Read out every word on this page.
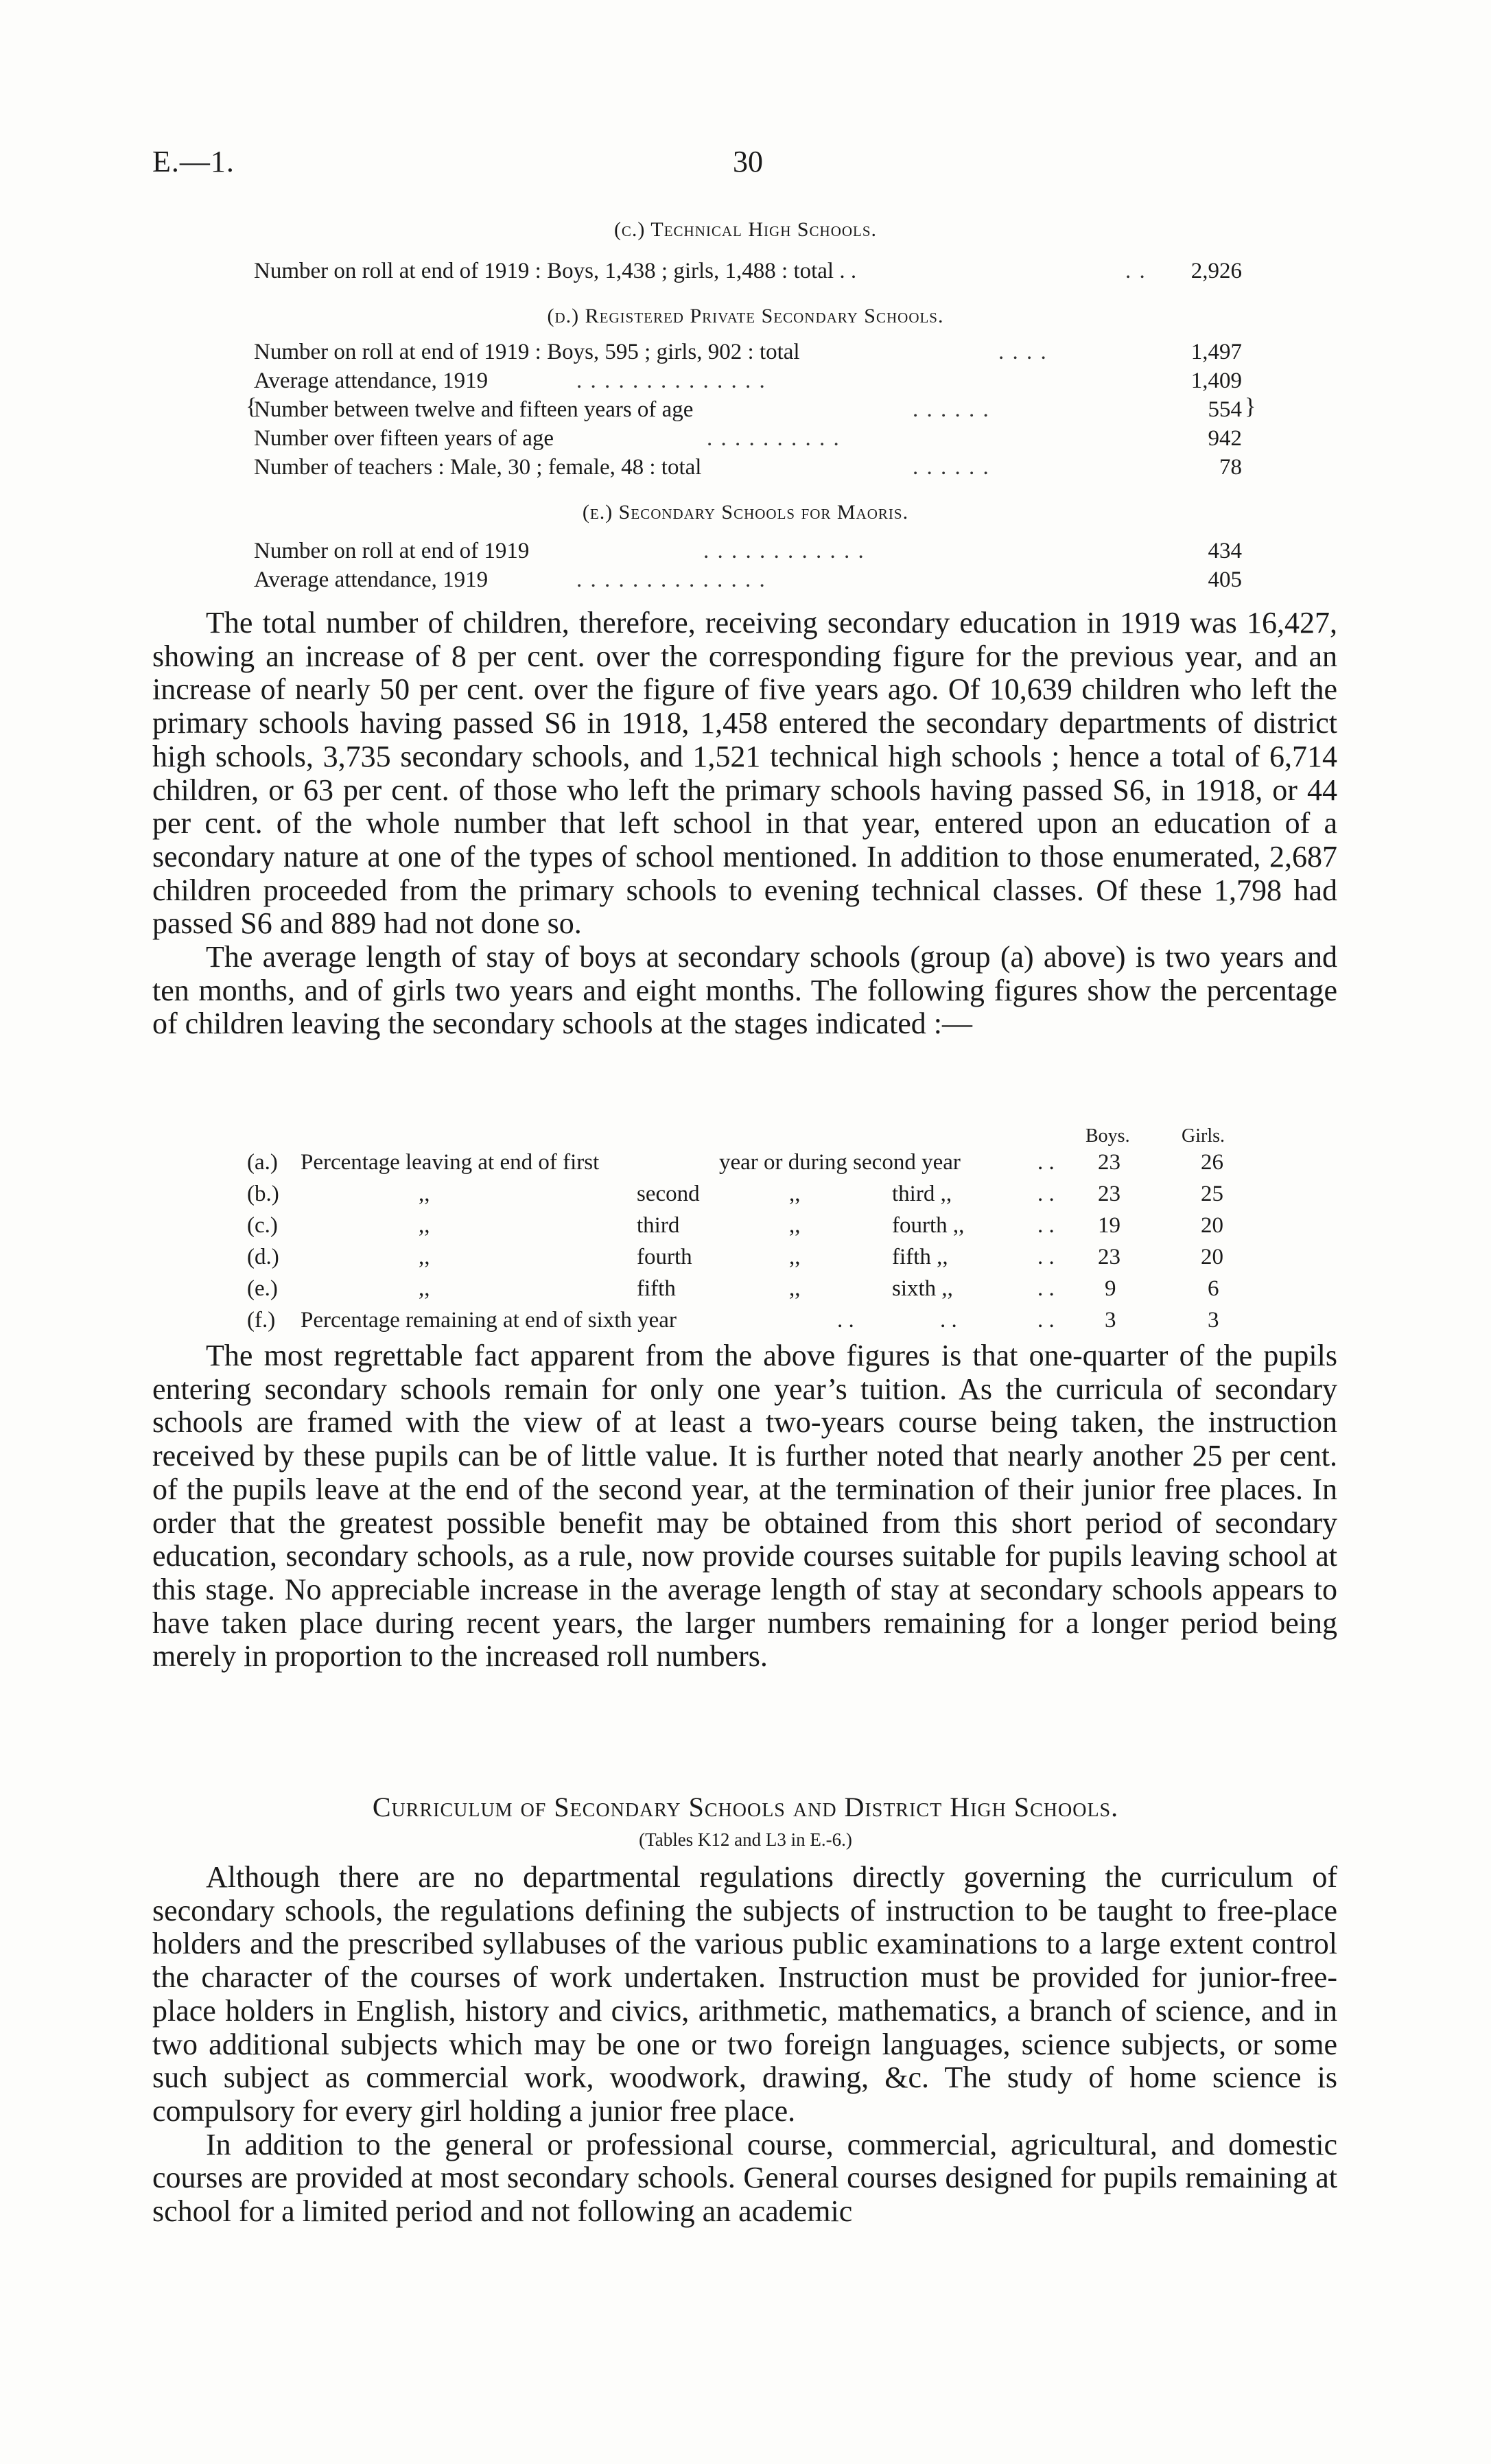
E.—1.	30
(c.) Technical High Schools.
Number on roll at end of 1919 : Boys, 1,438 ; girls, 1,488 : total . .	. . 2,926
(d.) Registered Private Secondary Schools.
Number on roll at end of 1919 : Boys, 595 ; girls, 902 : total	. . . .	1,497
Average attendance, 1919	. . . . . . . . . . . . . .	1,409
{
Number between twelve and fifteen years of age	. . . . . .	554
Number over fifteen years of age	. . . . . . . . . .	942
}
Number of teachers : Male, 30 ; female, 48 : total	. . . . . .	78
(e.) Secondary Schools for Maoris.
Number on roll at end of 1919	. . . . . . . . . . . .	434
Average attendance, 1919	. . . . . . . . . . . . . .	405

The total number of children, therefore, receiving secondary education in 1919 was 16,427, showing an increase of 8 per cent. over the corresponding figure for the previous year, and an increase of nearly 50 per cent. over the figure of five years ago. Of 10,639 children who left the primary schools having passed S6 in 1918, 1,458 entered the secondary departments of district high schools, 3,735 secondary schools, and 1,521 technical high schools ; hence a total of 6,714 children, or 63 per cent. of those who left the primary schools having passed S6, in 1918, or 44 per cent. of the whole number that left school in that year, entered upon an education of a secondary nature at one of the types of school mentioned. In addition to those enumerated, 2,687 children proceeded from the primary schools to evening technical classes. Of these 1,798 had passed S6 and 889 had not done so.

The average length of stay of boys at secondary schools (group (a) above) is two years and ten months, and of girls two years and eight months. The following figures show the percentage of children leaving the secondary schools at the stages indicated :—

Boys.	Girls.
(a.) Percentage leaving at end of first	year or during second year	. . 23	26
(b.)	,,	second	,,	third ,,	. . 23	25
(c.)	,,	third	,,	fourth ,,	. . 19	20
(d.)	,,	fourth	,,	fifth ,,	. . 23	20
(e.)	,,	fifth	,,	sixth ,,	. . 9	6
(f.) Percentage remaining at end of sixth year	. .	. .	. . 3	3

The most regrettable fact apparent from the above figures is that one-quarter of the pupils entering secondary schools remain for only one year’s tuition. As the curricula of secondary schools are framed with the view of at least a two-years course being taken, the instruction received by these pupils can be of little value. It is further noted that nearly another 25 per cent. of the pupils leave at the end of the second year, at the termination of their junior free places. In order that the greatest possible benefit may be obtained from this short period of secondary education, secondary schools, as a rule, now provide courses suitable for pupils leaving school at this stage. No appreciable increase in the average length of stay at secondary schools appears to have taken place during recent years, the larger numbers remaining for a longer period being merely in proportion to the increased roll numbers.

Curriculum of Secondary Schools and District High Schools.
(Tables K12 and L3 in E.-6.)

Although there are no departmental regulations directly governing the curriculum of secondary schools, the regulations defining the subjects of instruction to be taught to free-place holders and the prescribed syllabuses of the various public examinations to a large extent control the character of the courses of work undertaken. Instruction must be provided for junior-free-place holders in English, history and civics, arithmetic, mathematics, a branch of science, and in two additional subjects which may be one or two foreign languages, science subjects, or some such subject as commercial work, woodwork, drawing, &c. The study of home science is compulsory for every girl holding a junior free place.

In addition to the general or professional course, commercial, agricultural, and domestic courses are provided at most secondary schools. General courses designed for pupils remaining at school for a limited period and not following an academic
